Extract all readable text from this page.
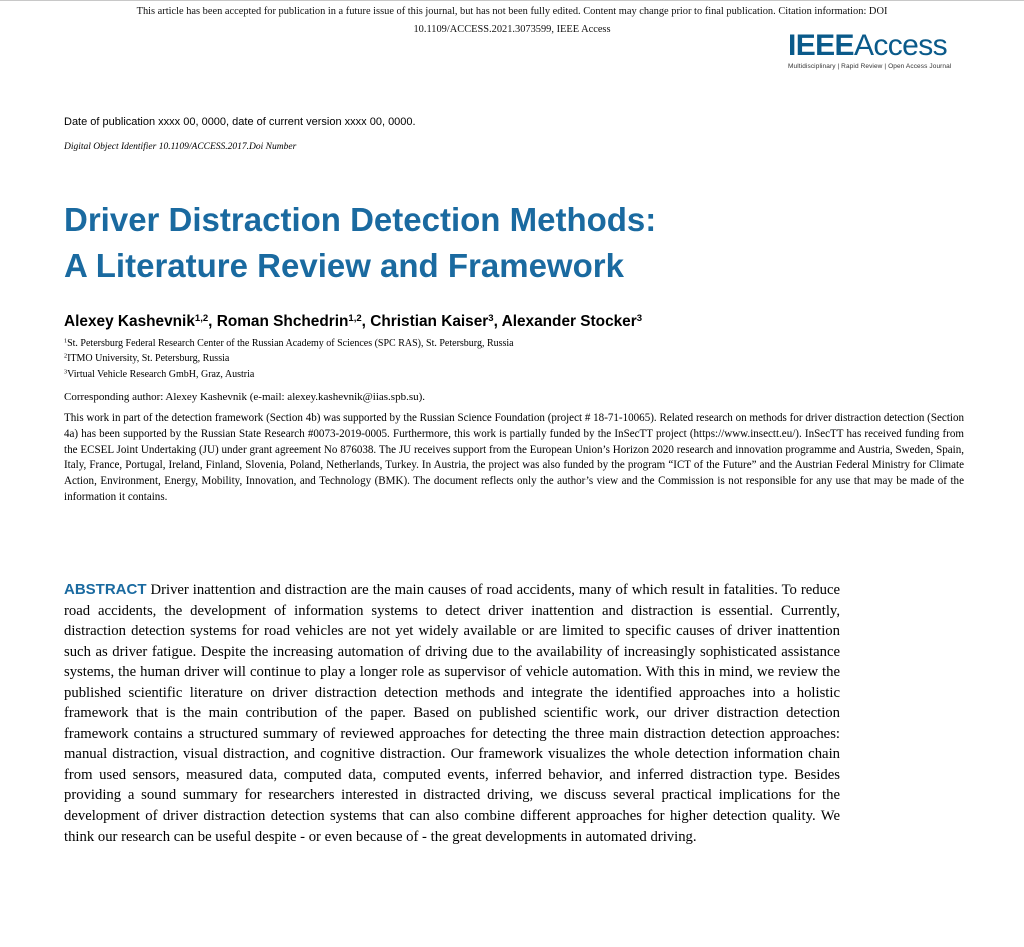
This article has been accepted for publication in a future issue of this journal, but has not been fully edited. Content may change prior to final publication. Citation information: DOI
10.1109/ACCESS.2021.3073599, IEEE Access	IEEEAccess
Multidisciplinary | Rapid Review | Open Access Journal
Date of publication xxxx 00, 0000, date of current version xxxx 00, 0000.
Digital Object Identifier 10.1109/ACCESS.2017.Doi Number
Driver Distraction Detection Methods:
A Literature Review and Framework
Alexey Kashevnik$^{1,2}$, Roman Shchedrin$^{1,2}$, Christian Kaiser$^3$, Alexander Stocker$^3$
$^1$St. Petersburg Federal Research Center of the Russian Academy of Sciences (SPC RAS), St. Petersburg, Russia
$^2$ITMO University, St. Petersburg, Russia
$^3$Virtual Vehicle Research GmbH, Graz, Austria
Corresponding author: Alexey Kashevnik (e-mail: alexey.kashevnik@iias.spb.su).

This work in part of the detection framework (Section 4b) was supported by the Russian Science Foundation (project # 18-71-10065). Related research on methods for driver distraction detection (Section 4a) has been supported by the Russian State Research #0073-2019-0005. Furthermore, this work is partially funded by the InSecTT project (https://www.insectt.eu/). InSecTT has received funding from the ECSEL Joint Undertaking (JU) under grant agreement No 876038. The JU receives support from the European Union’s Horizon 2020 research and innovation programme and Austria, Sweden, Spain, Italy, France, Portugal, Ireland, Finland, Slovenia, Poland, Netherlands, Turkey. In Austria, the project was also funded by the program “ICT of the Future” and the Austrian Federal Ministry for Climate Action, Environment, Energy, Mobility, Innovation, and Technology (BMK). The document reflects only the author’s view and the Commission is not responsible for any use that may be made of the information it contains.

ABSTRACT Driver inattention and distraction are the main causes of road accidents, many of which result in fatalities. To reduce road accidents, the development of information systems to detect driver inattention and distraction is essential. Currently, distraction detection systems for road vehicles are not yet widely available or are limited to specific causes of driver inattention such as driver fatigue. Despite the increasing automation of driving due to the availability of increasingly sophisticated assistance systems, the human driver will continue to play a longer role as supervisor of vehicle automation. With this in mind, we review the published scientific literature on driver distraction detection methods and integrate the identified approaches into a holistic framework that is the main contribution of the paper. Based on published scientific work, our driver distraction detection framework contains a structured summary of reviewed approaches for detecting the three main distraction detection approaches: manual distraction, visual distraction, and cognitive distraction. Our framework visualizes the whole detection information chain from used sensors, measured data, computed data, computed events, inferred behavior, and inferred distraction type. Besides providing a sound summary for researchers interested in distracted driving, we discuss several practical implications for the development of driver distraction detection systems that can also combine different approaches for higher detection quality. We think our research can be useful despite - or even because of - the great developments in automated driving.
